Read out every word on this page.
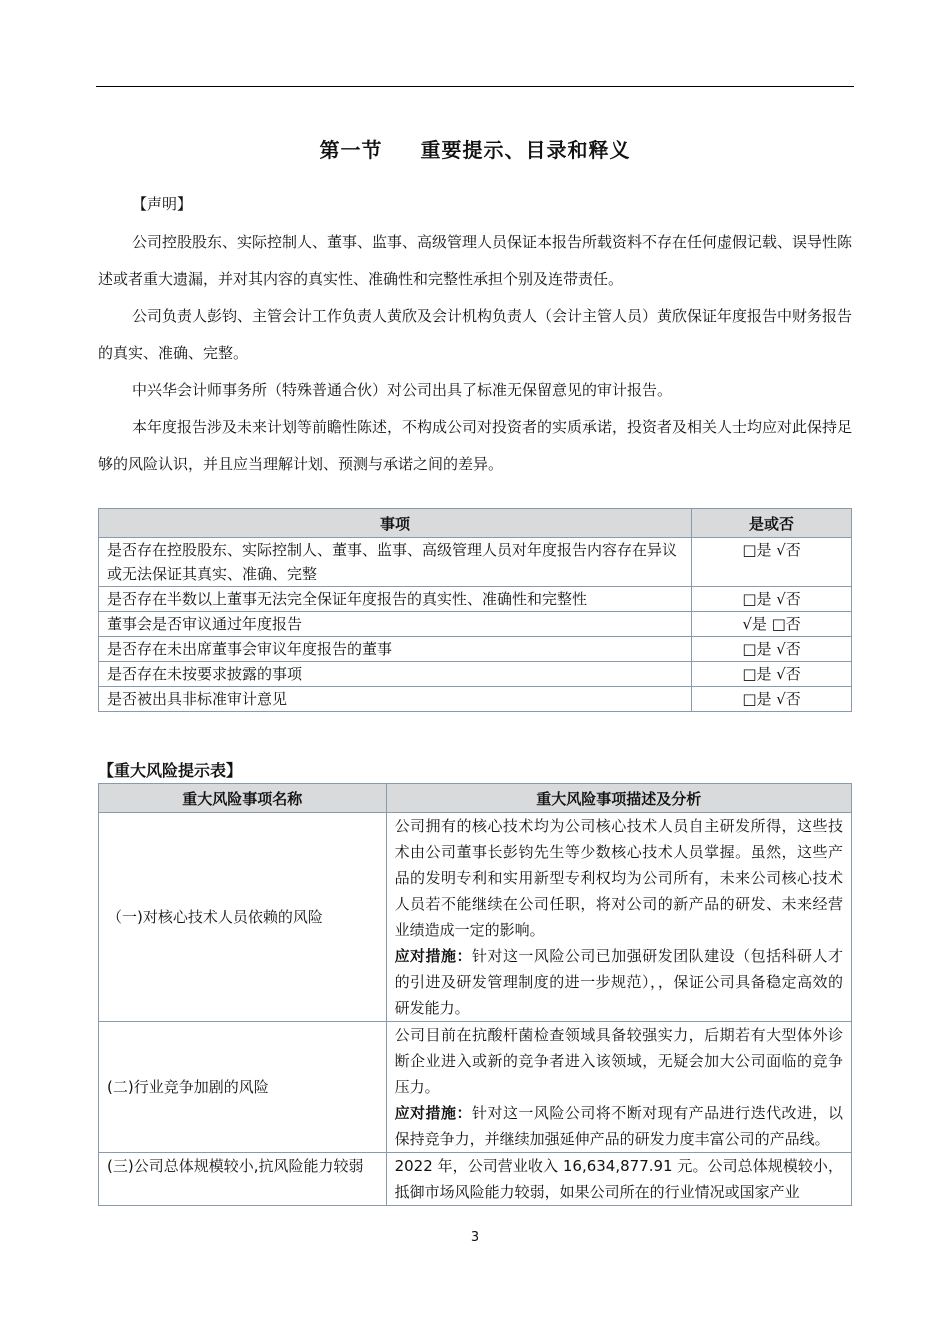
第一节 重要提示、目录和释义

【声明】

公司控股股东、实际控制人、董事、监事、高级管理人员保证本报告所载资料不存在任何虚假记载、误导性陈述或者重大遗漏，并对其内容的真实性、准确性和完整性承担个别及连带责任。

公司负责人彭钧、主管会计工作负责人黄欣及会计机构负责人（会计主管人员）黄欣保证年度报告中财务报告的真实、准确、完整。

中兴华会计师事务所（特殊普通合伙）对公司出具了标准无保留意见的审计报告。

本年度报告涉及未来计划等前瞻性陈述，不构成公司对投资者的实质承诺，投资者及相关人士均应对此保持足够的风险认识，并且应当理解计划、预测与承诺之间的差异。

事项	是或否
是否存在控股股东、实际控制人、董事、监事、高级管理人员对年度报告内容存在异议或无法保证其真实、准确、完整	□是 √否
是否存在半数以上董事无法完全保证年度报告的真实性、准确性和完整性	□是 √否
董事会是否审议通过年度报告	√是 □否
是否存在未出席董事会审议年度报告的董事	□是 √否
是否存在未按要求披露的事项	□是 √否
是否被出具非标准审计意见	□是 √否
【重大风险提示表】
重大风险事项名称	重大风险事项描述及分析
（一)对核心技术人员依赖的风险	公司拥有的核心技术均为公司核心技术人员自主研发所得，这些技术由公司董事长彭钧先生等少数核心技术人员掌握。虽然，这些产品的发明专利和实用新型专利权均为公司所有，未来公司核心技术人员若不能继续在公司任职，将对公司的新产品的研发、未来经营业绩造成一定的影响。
应对措施：针对这一风险公司已加强研发团队建设（包括科研人才的引进及研发管理制度的进一步规范），，保证公司具备稳定高效的研发能力。

(二)行业竞争加剧的风险	公司目前在抗酸杆菌检查领域具备较强实力，后期若有大型体外诊断企业进入或新的竞争者进入该领域，无疑会加大公司面临的竞争压力。
应对措施：针对这一风险公司将不断对现有产品进行迭代改进，以保持竞争力，并继续加强延伸产品的研发力度丰富公司的产品线。

(三)公司总体规模较小,抗风险能力较弱	2022 年，公司营业收入 16,634,877.91 元。公司总体规模较小，抵御市场风险能力较弱，如果公司所在的行业情况或国家产业
3
